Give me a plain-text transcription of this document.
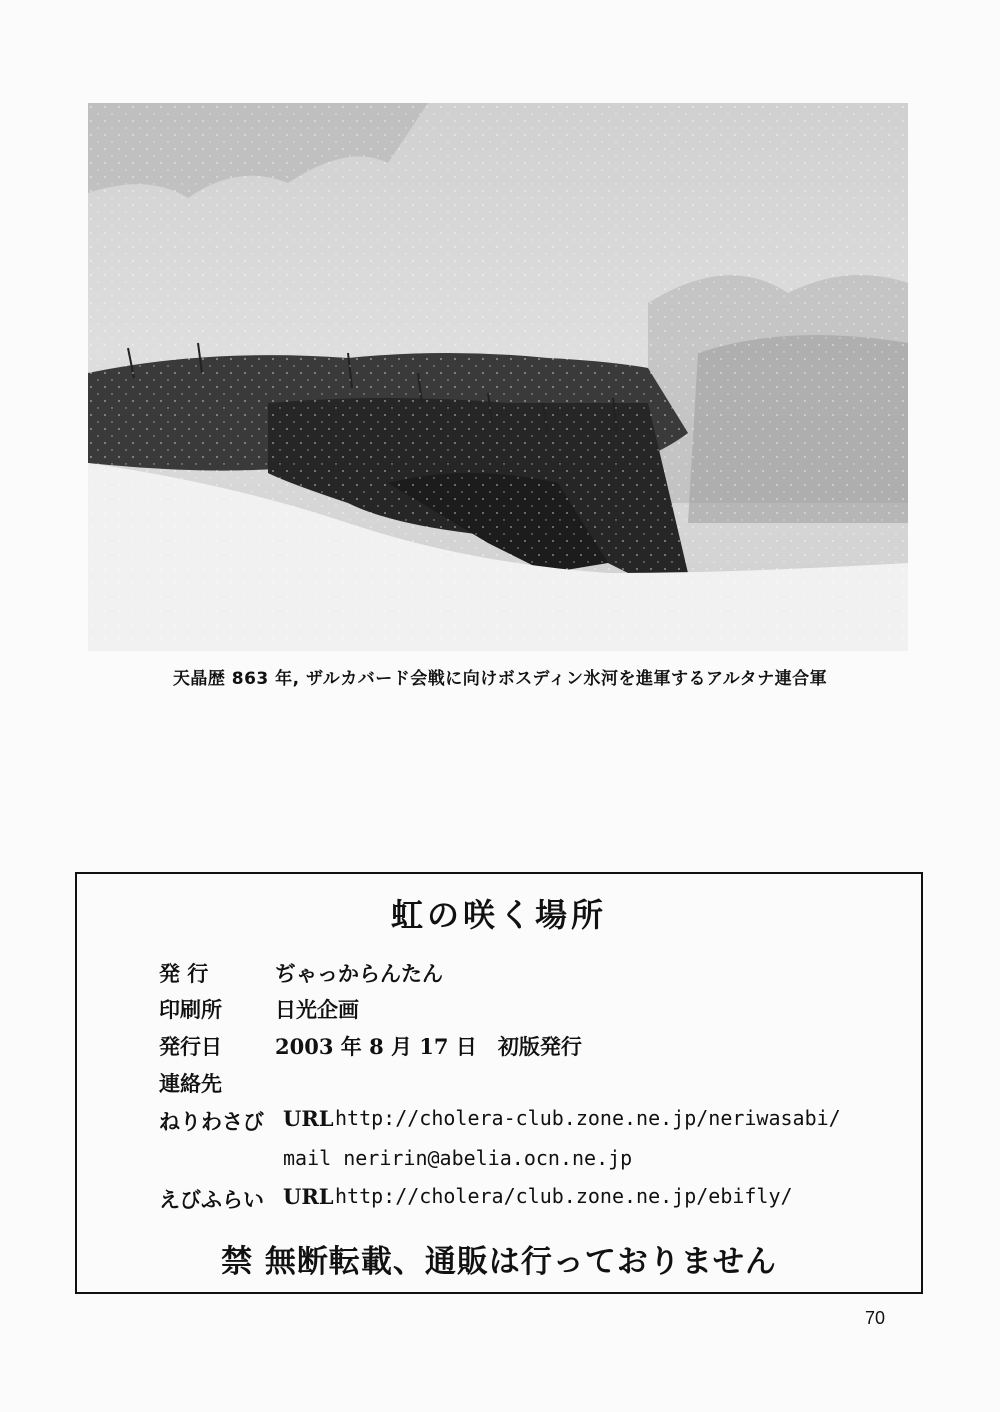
天晶歴 863 年, ザルカバード会戦に向けボスディン氷河を進軍するアルタナ連合軍
虹の咲く場所
発 行	ぢゃっからんたん
印刷所	日光企画
発行日	2003 年 8 月 17 日　初版発行
連絡先
ねりわさび URL http://cholera-club.zone.ne.jp/neriwasabi/
mail neririn@abelia.ocn.ne.jp
えびふらい URL http://cholera/club.zone.ne.jp/ebifly/
禁 無断転載、通販は行っておりません
70
